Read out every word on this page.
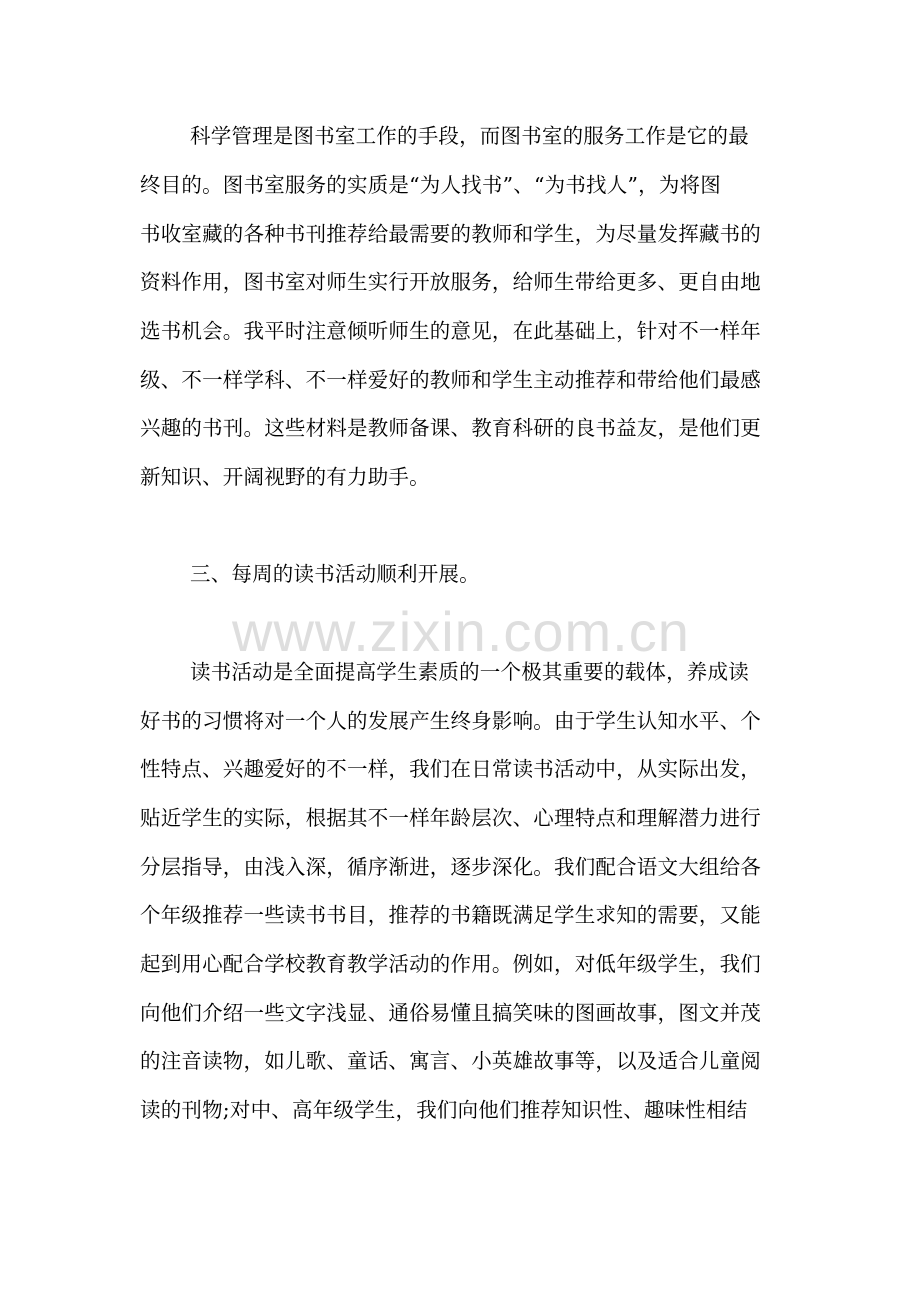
www.zixin.com.cn
科学管理是图书室工作的手段，而图书室的服务工作是它的最
终目的。图书室服务的实质是“为人找书”、“为书找人”，为将图
书收室藏的各种书刊推荐给最需要的教师和学生，为尽量发挥藏书的
资料作用，图书室对师生实行开放服务，给师生带给更多、更自由地
选书机会。我平时注意倾听师生的意见，在此基础上，针对不一样年
级、不一样学科、不一样爱好的教师和学生主动推荐和带给他们最感
兴趣的书刊。这些材料是教师备课、教育科研的良书益友，是他们更
新知识、开阔视野的有力助手。
三、每周的读书活动顺利开展。
读书活动是全面提高学生素质的一个极其重要的载体，养成读
好书的习惯将对一个人的发展产生终身影响。由于学生认知水平、个
性特点、兴趣爱好的不一样，我们在日常读书活动中，从实际出发，
贴近学生的实际，根据其不一样年龄层次、心理特点和理解潜力进行
分层指导，由浅入深，循序渐进，逐步深化。我们配合语文大组给各
个年级推荐一些读书书目，推荐的书籍既满足学生求知的需要，又能
起到用心配合学校教育教学活动的作用。例如，对低年级学生，我们
向他们介绍一些文字浅显、通俗易懂且搞笑味的图画故事，图文并茂
的注音读物，如儿歌、童话、寓言、小英雄故事等，以及适合儿童阅
读的刊物;对中、高年级学生，我们向他们推荐知识性、趣味性相结
